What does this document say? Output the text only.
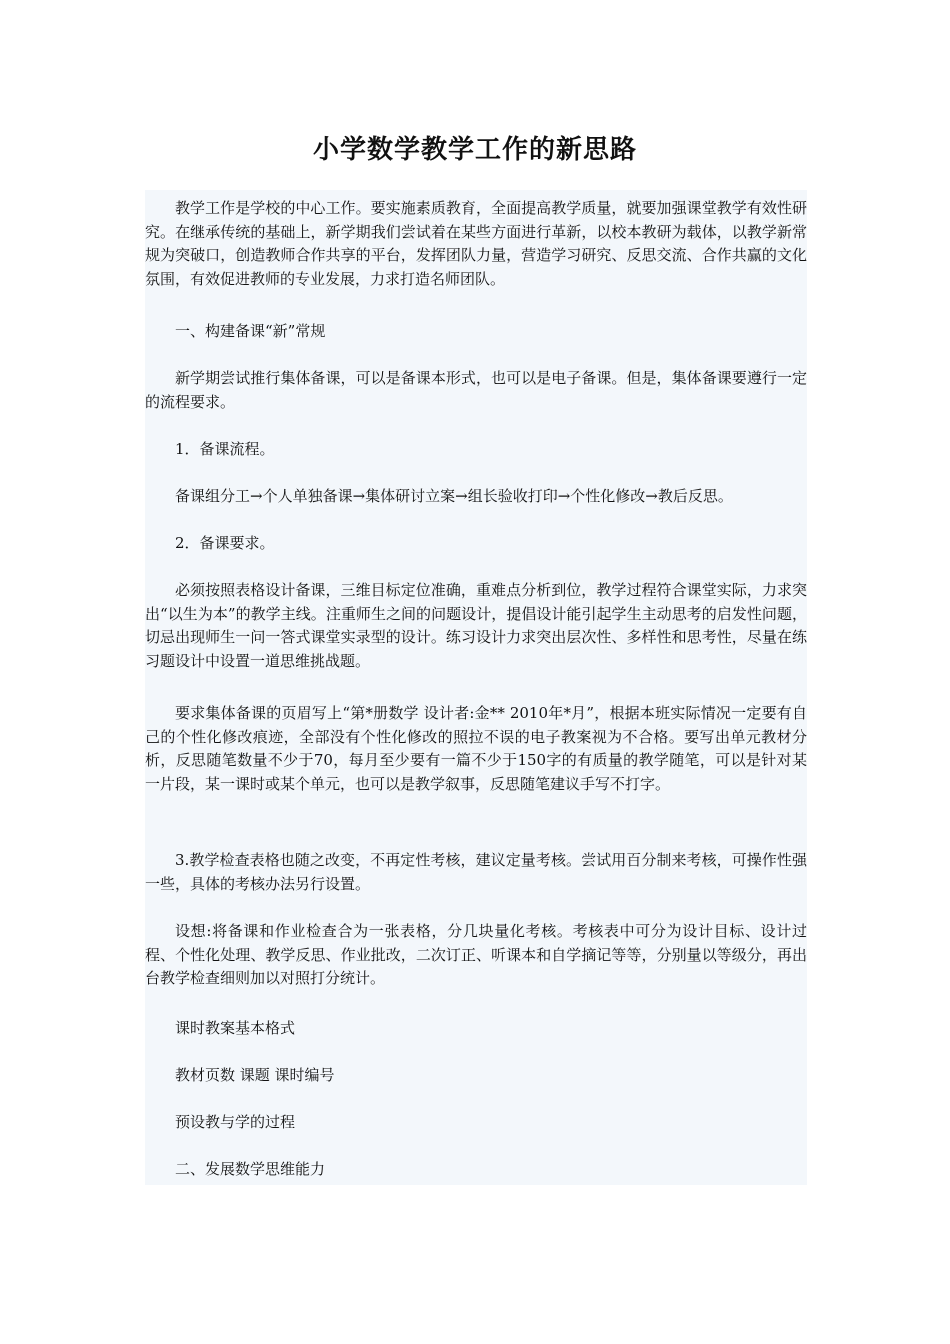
小学数学教学工作的新思路

教学工作是学校的中心工作。要实施素质教育，全面提高教学质量，就要加强课堂教学有效性研究。在继承传统的基础上，新学期我们尝试着在某些方面进行革新，以校本教研为载体，以教学新常规为突破口，创造教师合作共享的平台，发挥团队力量，营造学习研究、反思交流、合作共赢的文化氛围，有效促进教师的专业发展，力求打造名师团队。

一、构建备课“新”常规

新学期尝试推行集体备课，可以是备课本形式，也可以是电子备课。但是，集体备课要遵行一定的流程要求。

1．备课流程。

备课组分工→个人单独备课→集体研讨立案→组长验收打印→个性化修改→教后反思。

2．备课要求。

必须按照表格设计备课，三维目标定位准确，重难点分析到位，教学过程符合课堂实际，力求突出“以生为本”的教学主线。注重师生之间的问题设计，提倡设计能引起学生主动思考的启发性问题，切忌出现师生一问一答式课堂实录型的设计。练习设计力求突出层次性、多样性和思考性，尽量在练习题设计中设置一道思维挑战题。

要求集体备课的页眉写上“第*册数学 设计者:金** 2010年*月”，根据本班实际情况一定要有自己的个性化修改痕迹，全部没有个性化修改的照拉不误的电子教案视为不合格。要写出单元教材分析，反思随笔数量不少于70，每月至少要有一篇不少于150字的有质量的教学随笔，可以是针对某一片段，某一课时或某个单元，也可以是教学叙事，反思随笔建议手写不打字。

3.教学检查表格也随之改变，不再定性考核，建议定量考核。尝试用百分制来考核，可操作性强一些，具体的考核办法另行设置。

设想:将备课和作业检查合为一张表格，分几块量化考核。考核表中可分为设计目标、设计过程、个性化处理、教学反思、作业批改，二次订正、听课本和自学摘记等等，分别量以等级分，再出台教学检查细则加以对照打分统计。

课时教案基本格式

教材页数 课题 课时编号

预设教与学的过程

二、发展数学思维能力
